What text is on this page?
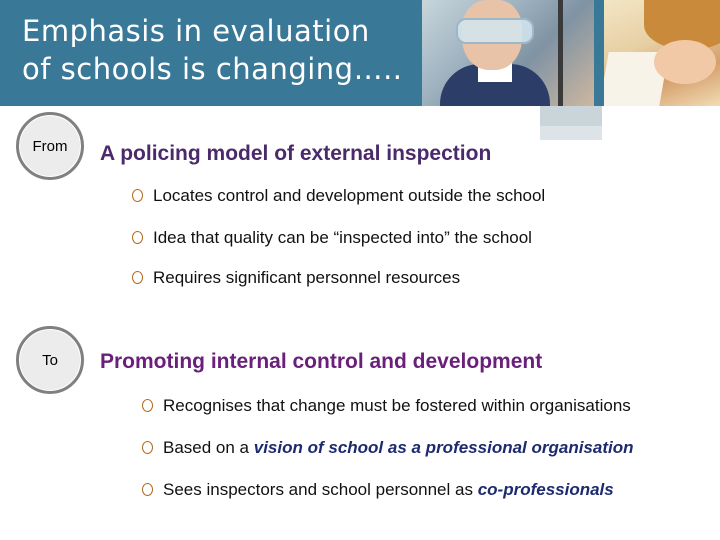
Emphasis in evaluation
of schools is changing…..
From A policing model of external inspection
Locates control and development outside the school
Idea that quality can be “inspected into” the school
Requires significant personnel resources
To Promoting internal control and development
Recognises that change must be fostered within organisations
Based on a vision of school as a professional organisation
Sees inspectors and school personnel as co-professionals
